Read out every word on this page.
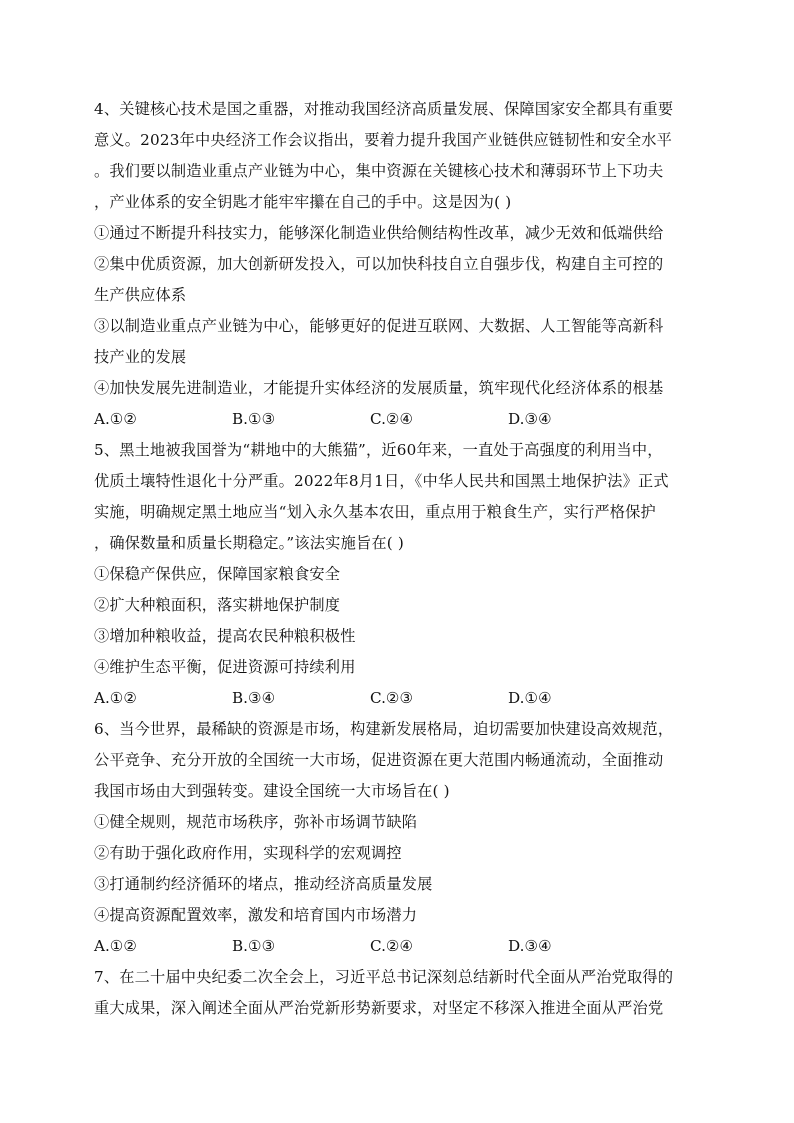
4、关键核心技术是国之重器，对推动我国经济高质量发展、保障国家安全都具有重要
意义。2023年中央经济工作会议指出，要着力提升我国产业链供应链韧性和安全水平
。我们要以制造业重点产业链为中心，集中资源在关键核心技术和薄弱环节上下功夫
，产业体系的安全钥匙才能牢牢攥在自己的手中。这是因为( )
①通过不断提升科技实力，能够深化制造业供给侧结构性改革，减少无效和低端供给
②集中优质资源，加大创新研发投入，可以加快科技自立自强步伐，构建自主可控的
生产供应体系
③以制造业重点产业链为中心，能够更好的促进互联网、大数据、人工智能等高新科
技产业的发展
④加快发展先进制造业，才能提升实体经济的发展质量，筑牢现代化经济体系的根基
A.①②	B.①③	C.②④	D.③④
5、黑土地被我国誉为“耕地中的大熊猫”，近60年来，一直处于高强度的利用当中，
优质土壤特性退化十分严重。2022年8月1日，《中华人民共和国黑土地保护法》正式
实施，明确规定黑土地应当“划入永久基本农田，重点用于粮食生产，实行严格保护
，确保数量和质量长期稳定。”该法实施旨在( )
①保稳产保供应，保障国家粮食安全
②扩大种粮面积，落实耕地保护制度
③增加种粮收益，提高农民种粮积极性
④维护生态平衡，促进资源可持续利用
A.①②	B.③④	C.②③	D.①④
6、当今世界，最稀缺的资源是市场，构建新发展格局，迫切需要加快建设高效规范，
公平竞争、充分开放的全国统一大市场，促进资源在更大范围内畅通流动，全面推动
我国市场由大到强转变。建设全国统一大市场旨在( )
①健全规则，规范市场秩序，弥补市场调节缺陷
②有助于强化政府作用，实现科学的宏观调控
③打通制约经济循环的堵点，推动经济高质量发展
④提高资源配置效率，激发和培育国内市场潜力
A.①②	B.①③	C.②④	D.③④
7、在二十届中央纪委二次全会上，习近平总书记深刻总结新时代全面从严治党取得的
重大成果，深入阐述全面从严治党新形势新要求，对坚定不移深入推进全面从严治党
